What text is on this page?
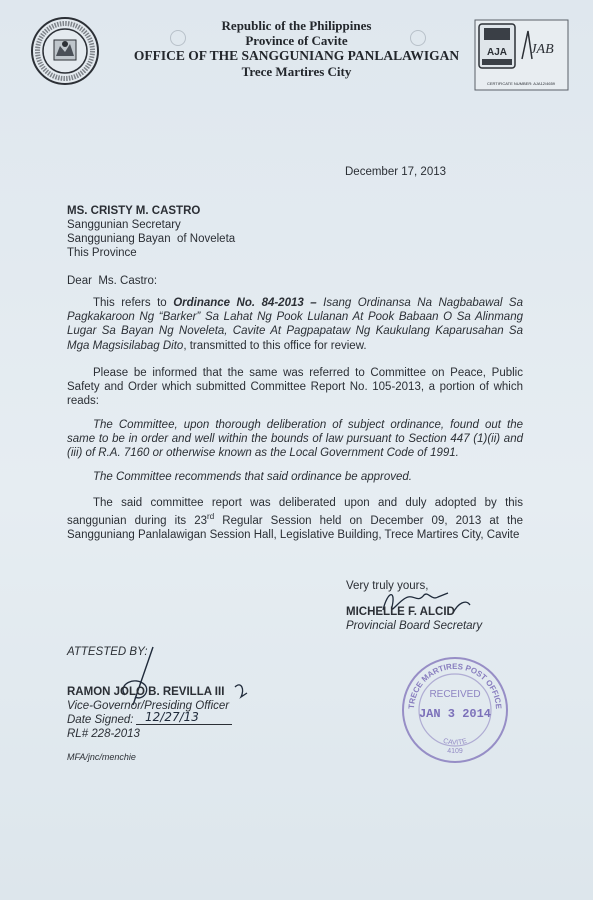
Republic of the Philippines
Province of Cavite
OFFICE OF THE SANGGUNIANG PANLALAWIGAN
Trece Martires City
AJA JAB
CERTIFICATE NUMBER: AJA12/4659
December 17, 2013
MS. CRISTY M. CASTRO
Sanggunian Secretary
Sangguniang Bayan  of Noveleta
This Province
Dear  Ms. Castro:
This refers to Ordinance No. 84-2013 – Isang Ordinansa Na Nagbabawal Sa Pagkakaroon Ng “Barker” Sa Lahat Ng Pook Lulanan At Pook Babaan O Sa Alinmang Lugar Sa Bayan Ng Noveleta, Cavite At Pagpapataw Ng Kaukulang Kaparusahan Sa Mga Magsisilabag Dito, transmitted to this office for review.
Please be informed that the same was referred to Committee on Peace, Public Safety and Order which submitted Committee Report No. 105-2013, a portion of which reads:
The Committee, upon thorough deliberation of subject ordinance, found out the same to be in order and well within the bounds of law pursuant to Section 447 (1)(ii) and (iii) of R.A. 7160 or otherwise known as the Local Government Code of 1991.
The Committee recommends that said ordinance be approved.
The said committee report was deliberated upon and duly adopted by this sanggunian during its 23rd Regular Session held on December 09, 2013 at the Sangguniang Panlalawigan Session Hall, Legislative Building, Trece Martires City, Cavite
Very truly yours,
MICHELLE F. ALCID
Provincial Board Secretary
ATTESTED BY:
RAMON JOLO B. REVILLA III
Vice-Governor/Presiding Officer
Date Signed: 12/27/13
RL# 228-2013
MFA/jnc/menchie
TRECE MARTIRES POST OFFICE
RECEIVED
JAN 3 2014
CAVITE
4109
